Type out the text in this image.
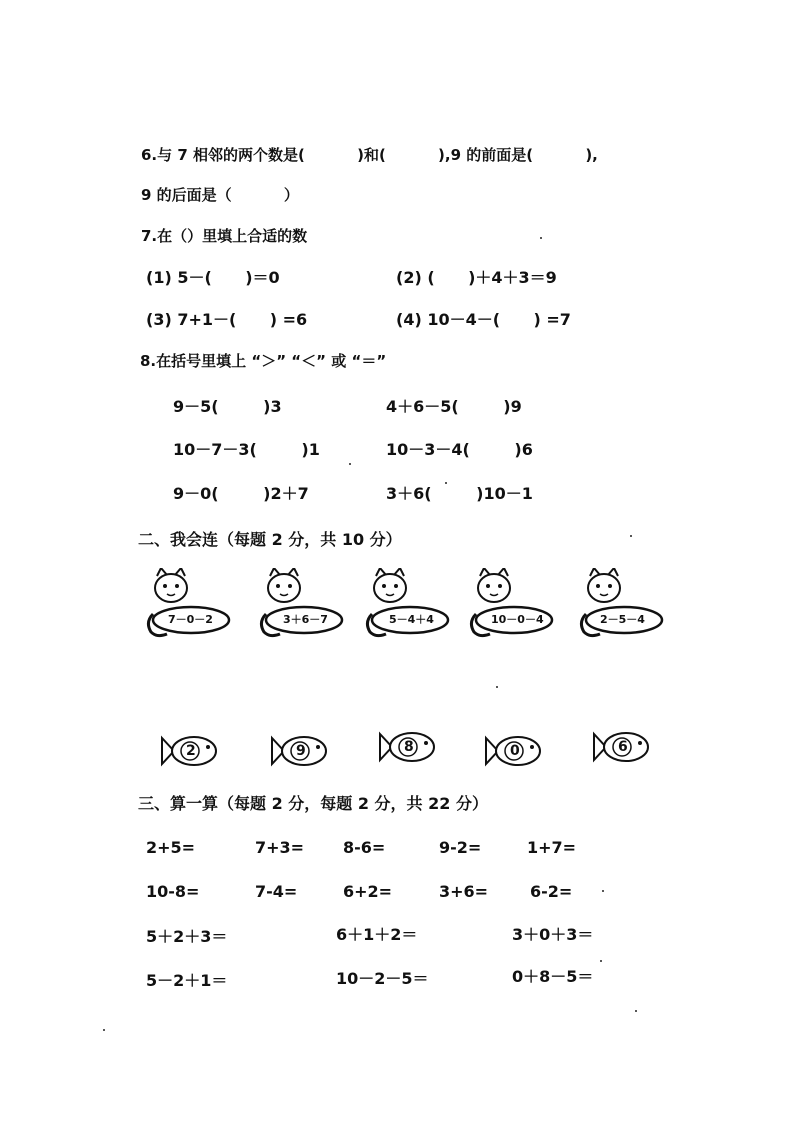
6.与 7 相邻的两个数是(          )和(          ),9 的前面是(          ),
9 的后面是（          ）
7.在（）里填上合适的数
(1) 5－(      )＝0	(2) (      )＋4＋3＝9
(3) 7+1－(      ) =6	(4) 10－4－(      ) =7
8.在括号里填上 “＞” “＜” 或 “＝”
9－5(        )3	4＋6－5(        )9
10－7－3(        )1	10－3－4(        )6
9－0(        )2＋7	3＋6(        )10－1
二、我会连（每题 2 分，共 10 分）
7－0－2	3＋6－7	5－4＋4	10－0－4	2－5－4
2	9	8	0	6
三、算一算（每题 2 分，每题 2 分，共 22 分）
2+5=	7+3= 8-6=	9-2=	1+7=
10-8=	7-4=	6+2=	3+6=	6-2=
5＋2＋3＝	6＋1＋2＝	3＋0＋3＝
5－2＋1＝	10－2－5＝	0＋8－5＝
